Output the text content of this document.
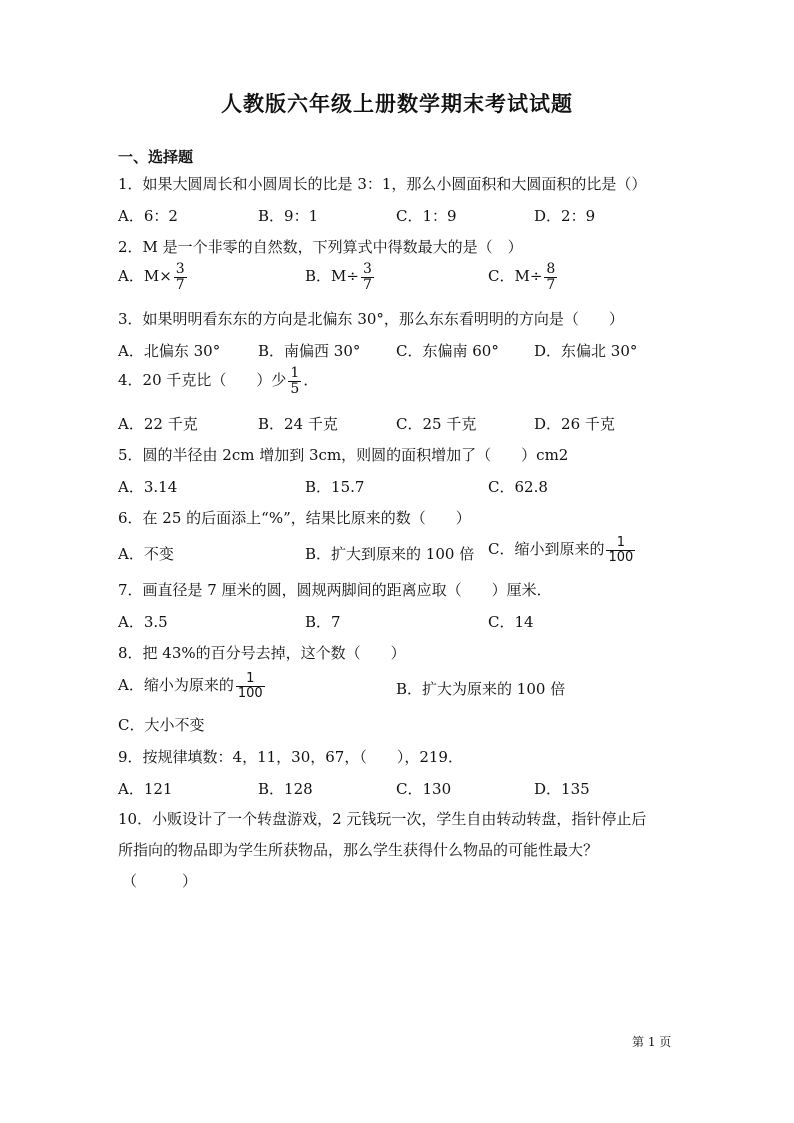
人教版六年级上册数学期末考试试题
一、选择题
1．如果大圆周长和小圆周长的比是 3：1，那么小圆面积和大圆面积的比是（）
A．6：2	B．9：1	C．1：9	D．2：9
2．M 是一个非零的自然数，下列算式中得数最大的是（　）
A．$M\times \frac{3}{7}$	B．$M\div \frac{3}{7}$	C．$M\div \frac{8}{7}$
3．如果明明看东东的方向是北偏东 30°，那么东东看明明的方向是（　　）
A．北偏东 30°	B．南偏西 30° C．东偏南 60° D．东偏北 30°
4．20 千克比（　　）少 $\frac{1}{5}$ ．
A．22 千克	B．24 千克	C．25 千克	D．26 千克
5．圆的半径由 2cm 增加到 3cm，则圆的面积增加了（　　）cm2
A．3.14	B．15.7	C．62.8
6．在 25 的后面添上“%”，结果比原来的数（　　）
A．不变	B．扩大到原来的 100 倍 C．缩小到原来的 $\frac{1}{100}$
7．画直径是 7 厘米的圆，圆规两脚间的距离应取（　　）厘米．
A．3.5	B．7	C．14
8．把 43%的百分号去掉，这个数（　　）
A．缩小为原来的 $\frac{1}{100}$	B．扩大为原来的 100 倍
C．大小不变
9．按规律填数：4，11，30，67，（　　），219．
A．121	B．128	C．130	D．135
10．小贩设计了一个转盘游戏，2 元钱玩一次，学生自由转动转盘，指针停止后
所指向的物品即为学生所获物品，那么学生获得什么物品的可能性最大？
（　　　）
第 1 页
